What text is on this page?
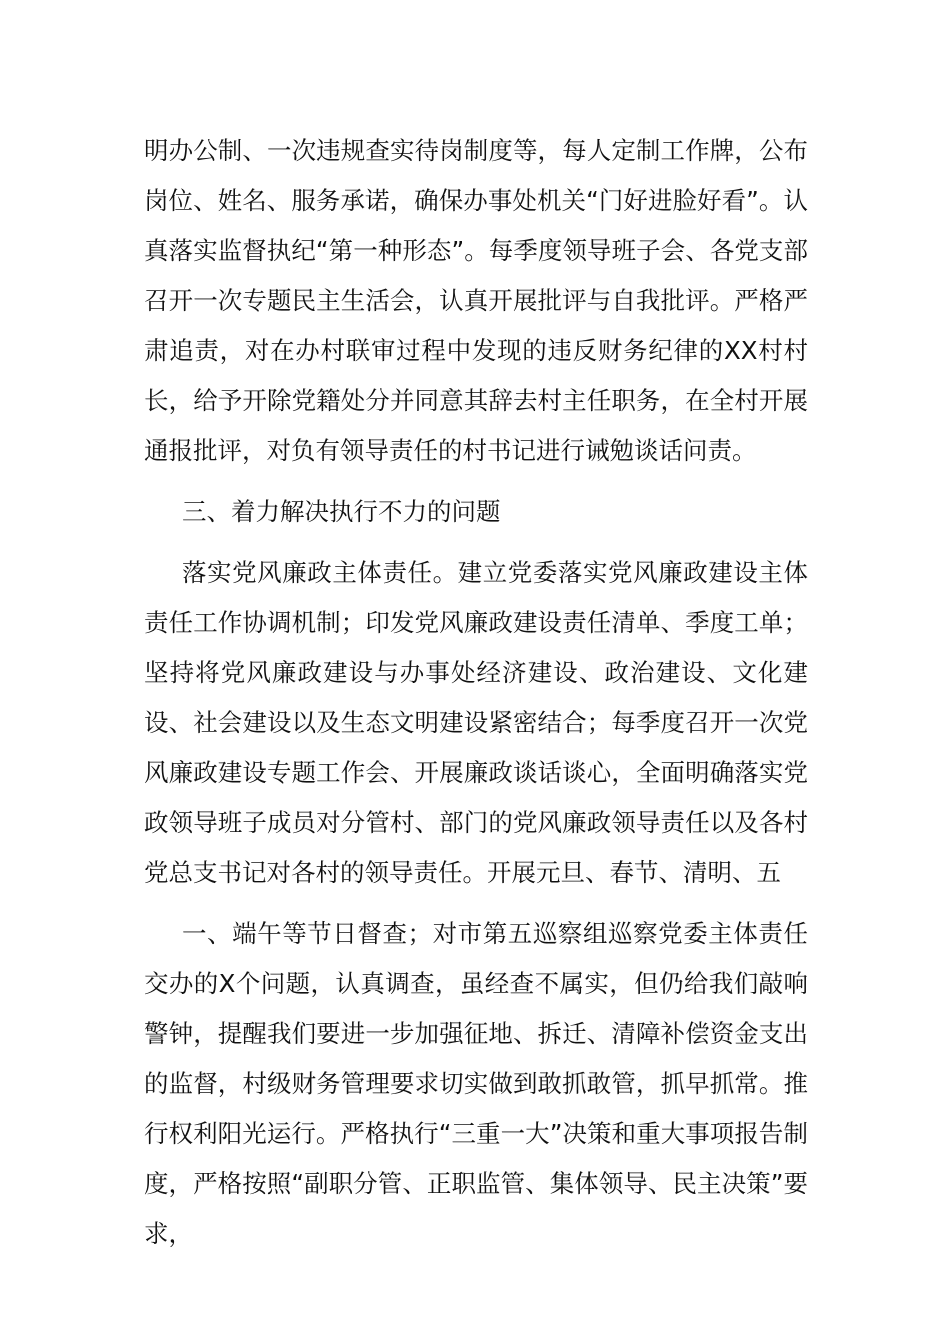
明办公制、一次违规查实待岗制度等，每人定制工作牌，公布岗位、姓名、服务承诺，确保办事处机关“门好进脸好看”。认真落实监督执纪“第一种形态”。每季度领导班子会、各党支部召开一次专题民主生活会，认真开展批评与自我批评。严格严肃追责，对在办村联审过程中发现的违反财务纪律的XX村村长，给予开除党籍处分并同意其辞去村主任职务，在全村开展通报批评，对负有领导责任的村书记进行诫勉谈话问责。

三、着力解决执行不力的问题

落实党风廉政主体责任。建立党委落实党风廉政建设主体责任工作协调机制；印发党风廉政建设责任清单、季度工单；坚持将党风廉政建设与办事处经济建设、政治建设、文化建设、社会建设以及生态文明建设紧密结合；每季度召开一次党风廉政建设专题工作会、开展廉政谈话谈心，全面明确落实党政领导班子成员对分管村、部门的党风廉政领导责任以及各村党总支书记对各村的领导责任。开展元旦、春节、清明、五

一、端午等节日督查；对市第五巡察组巡察党委主体责任交办的X个问题，认真调查，虽经查不属实，但仍给我们敲响警钟，提醒我们要进一步加强征地、拆迁、清障补偿资金支出的监督，村级财务管理要求切实做到敢抓敢管，抓早抓常。推行权利阳光运行。严格执行“三重一大”决策和重大事项报告制度，严格按照“副职分管、正职监管、集体领导、民主决策”要求，
